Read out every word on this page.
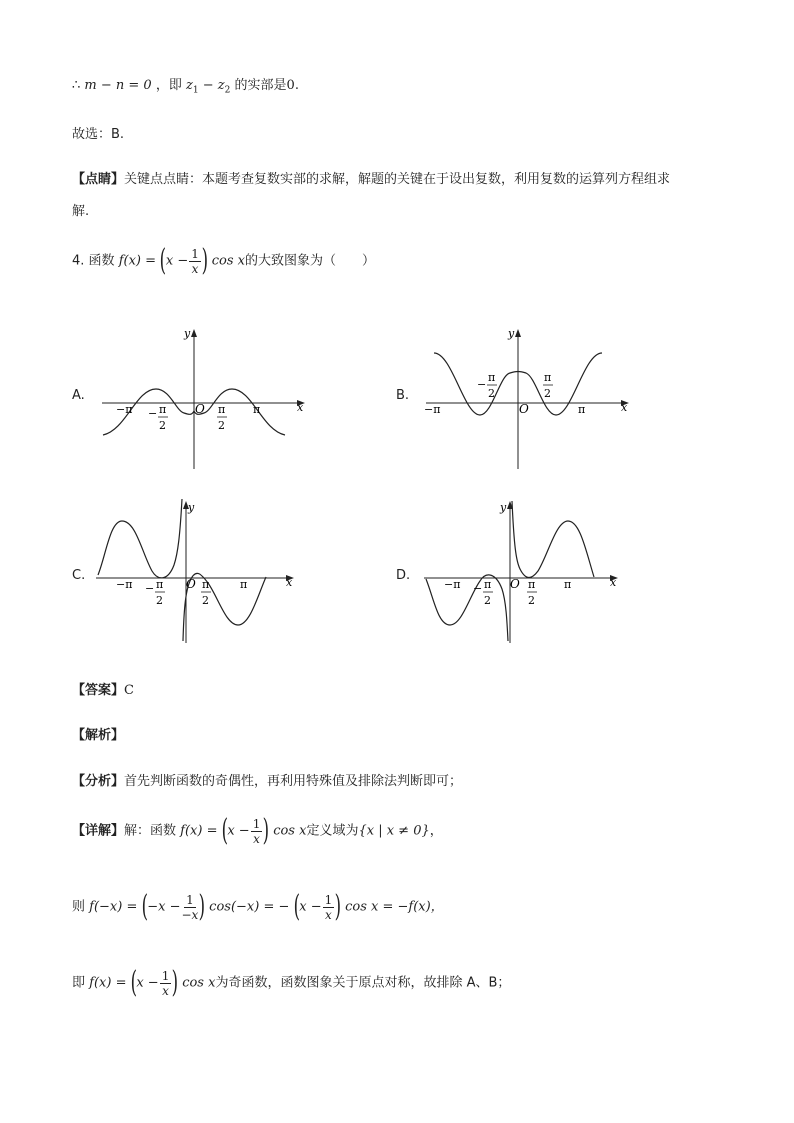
∴ m − n = 0 ，即 $z_1 - z_2$ 的实部是0.
故选：B.
【点睛】关键点点睛：本题考查复数实部的求解，解题的关键在于设出复数，利用复数的运算列方程组求
解.
4. 函数 $f(x) = (x - \frac{1}{x}$ ) cos x的大致图象为（　　）
A.	B.
C.	D.
y
x
O
−π	π
− π
2
π
2
y
x
O
−π	π
−
π
2
π
2
y
x
O
−π	π
− π
2
π
2
y
x
O
−π	π
− π
2
π
2
【答案】C
【解析】
【分析】首先判断函数的奇偶性，再利用特殊值及排除法判断即可；
【详解】解：函数 $f(x) = (x - \frac{1}{x}$ ) cos x定义域为{x | x ≠ 0}，
则 $f(-x) = (-x - \frac{1}{-x}$ ) cos(−x) = − ($x - \frac{1}{x}$ ) cos x = −f(x)，
即 $f(x) = (x - \frac{1}{x}$ ) cos x为奇函数，函数图象关于原点对称，故排除 A、B；
